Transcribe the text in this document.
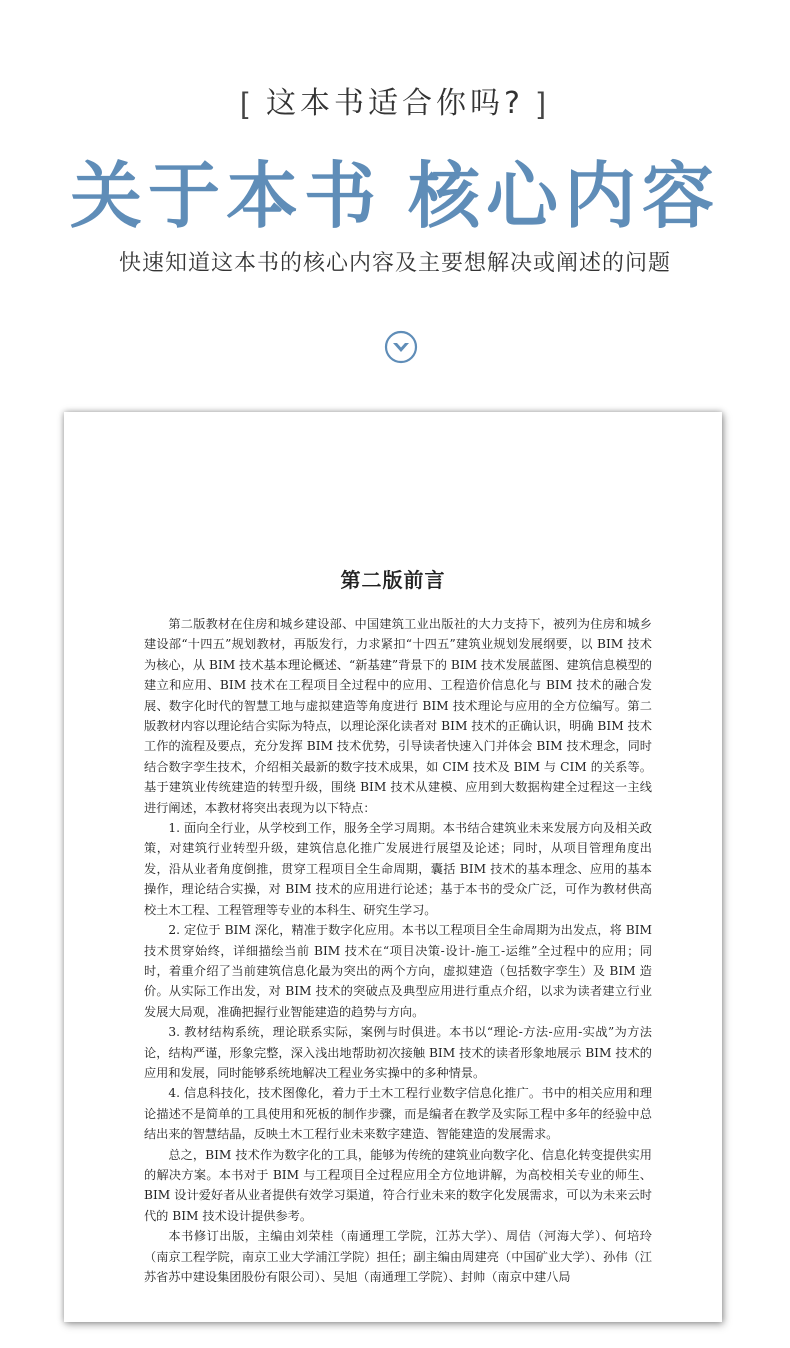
[ 这本书适合你吗? ]
关于本书 核心内容
快速知道这本书的核心内容及主要想解决或阐述的问题
第二版前言

第二版教材在住房和城乡建设部、中国建筑工业出版社的大力支持下，被列为住房和城乡建设部“十四五”规划教材，再版发行，力求紧扣“十四五”建筑业规划发展纲要，以 BIM 技术为核心，从 BIM 技术基本理论概述、“新基建”背景下的 BIM 技术发展蓝图、建筑信息模型的建立和应用、BIM 技术在工程项目全过程中的应用、工程造价信息化与 BIM 技术的融合发展、数字化时代的智慧工地与虚拟建造等角度进行 BIM 技术理论与应用的全方位编写。第二版教材内容以理论结合实际为特点，以理论深化读者对 BIM 技术的正确认识，明确 BIM 技术工作的流程及要点，充分发挥 BIM 技术优势，引导读者快速入门并体会 BIM 技术理念，同时结合数字孪生技术，介绍相关最新的数字技术成果，如 CIM 技术及 BIM 与 CIM 的关系等。基于建筑业传统建造的转型升级，围绕 BIM 技术从建模、应用到大数据构建全过程这一主线进行阐述，本教材将突出表现为以下特点：

1. 面向全行业，从学校到工作，服务全学习周期。本书结合建筑业未来发展方向及相关政策，对建筑行业转型升级，建筑信息化推广发展进行展望及论述；同时，从项目管理角度出发，沿从业者角度倒推，贯穿工程项目全生命周期，囊括 BIM 技术的基本理念、应用的基本操作，理论结合实操，对 BIM 技术的应用进行论述；基于本书的受众广泛，可作为教材供高校土木工程、工程管理等专业的本科生、研究生学习。

2. 定位于 BIM 深化，精准于数字化应用。本书以工程项目全生命周期为出发点，将 BIM 技术贯穿始终，详细描绘当前 BIM 技术在“项目决策-设计-施工-运维”全过程中的应用；同时，着重介绍了当前建筑信息化最为突出的两个方向，虚拟建造（包括数字孪生）及 BIM 造价。从实际工作出发，对 BIM 技术的突破点及典型应用进行重点介绍，以求为读者建立行业发展大局观，准确把握行业智能建造的趋势与方向。

3. 教材结构系统，理论联系实际，案例与时俱进。本书以“理论-方法-应用-实战”为方法论，结构严谨，形象完整，深入浅出地帮助初次接触 BIM 技术的读者形象地展示 BIM 技术的应用和发展，同时能够系统地解决工程业务实操中的多种情景。

4. 信息科技化，技术图像化，着力于土木工程行业数字信息化推广。书中的相关应用和理论描述不是简单的工具使用和死板的制作步骤，而是编者在教学及实际工程中多年的经验中总结出来的智慧结晶，反映土木工程行业未来数字建造、智能建造的发展需求。

总之，BIM 技术作为数字化的工具，能够为传统的建筑业向数字化、信息化转变提供实用的解决方案。本书对于 BIM 与工程项目全过程应用全方位地讲解，为高校相关专业的师生、BIM 设计爱好者从业者提供有效学习渠道，符合行业未来的数字化发展需求，可以为未来云时代的 BIM 技术设计提供参考。

本书修订出版，主编由刘荣桂（南通理工学院，江苏大学）、周佶（河海大学）、何培玲（南京工程学院，南京工业大学浦江学院）担任；副主编由周建亮（中国矿业大学）、孙伟（江苏省苏中建设集团股份有限公司）、吴旭（南通理工学院）、封帅（南京中建八局
